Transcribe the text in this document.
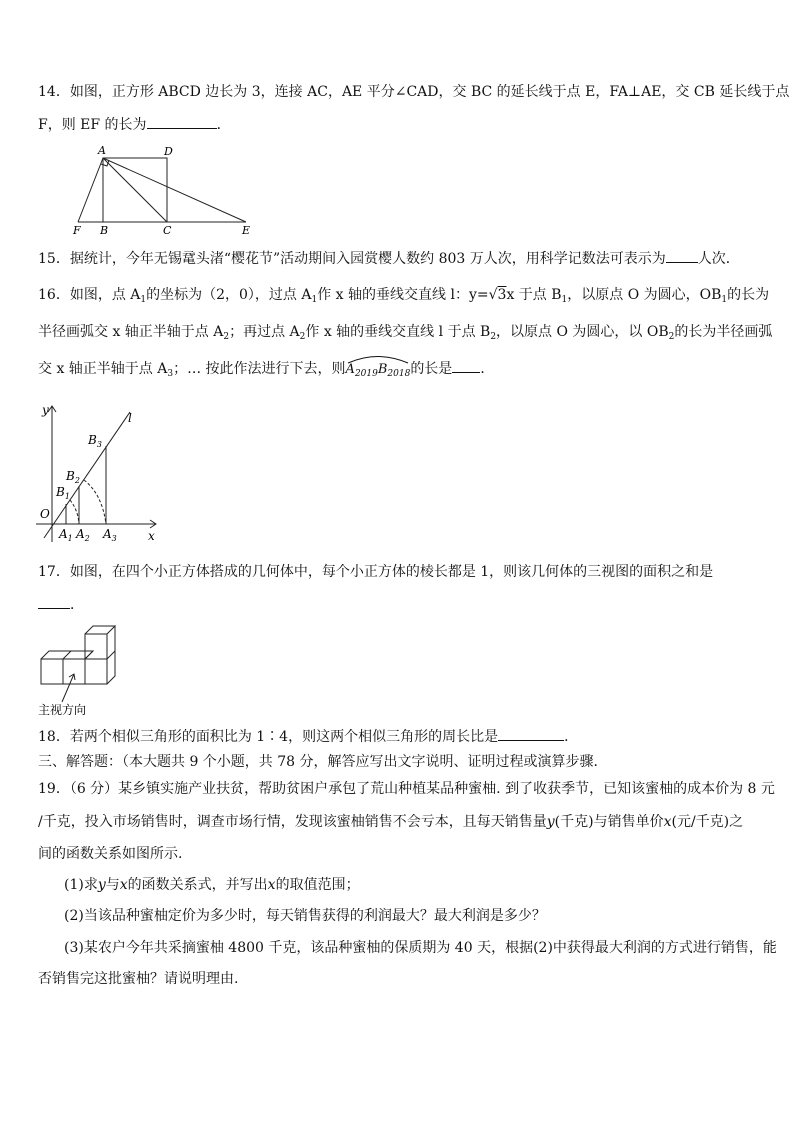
14．如图，正方形 ABCD 边长为 3，连接 AC，AE 平分∠CAD，交 BC 的延长线于点 E，FA⊥AE，交 CB 延长线于点
F，则 EF 的长为	．
A	D
B	C	E
F
15．据统计，今年无锡鼋头渚“樱花节”活动期间入园赏樱人数约 803 万人次，用科学记数法可表示为 人次．
16．如图，点 $A_1$的坐标为（2，0），过点 $A_1$作 x 轴的垂线交直线 l：y=√3x 于点 $B_1$，以原点 O 为圆心，$OB_1$的长为
半径画弧交 x 轴正半轴于点 $A_2$；再过点 $A_2$作 x 轴的垂线交直线 l 于点 $B_2$，以原点 O 为圆心，以 $OB_2$的长为半径画弧
交 x 轴正半轴于点 $A_3$；… 按此作法进行下去，则$A_{2019}B_{2018}$
的长是 ．
y
x
l
O
$B_3$
$B_2$
$B_1$
$A_1$ $A_2$ $A_3$
17．如图，在四个小正方体搭成的几何体中，每个小正方体的棱长都是 1，则该几何体的三视图的面积之和是
．
主视方向
18．若两个相似三角形的面积比为 1∶4，则这两个相似三角形的周长比是	．
三、解答题：（本大题共 9 个小题，共 78 分，解答应写出文字说明、证明过程或演算步骤．
19．（6 分）某乡镇实施产业扶贫，帮助贫困户承包了荒山种植某品种蜜柚. 到了收获季节，已知该蜜柚的成本价为 8 元
/千克，投入市场销售时，调查市场行情，发现该蜜柚销售不会亏本，且每天销售量y(千克)与销售单价x(元/千克)之
间的函数关系如图所示.
(1)求y与x的函数关系式，并写出x的取值范围；
(2)当该品种蜜柚定价为多少时，每天销售获得的利润最大？最大利润是多少？
(3)某农户今年共采摘蜜柚 4800 千克，该品种蜜柚的保质期为 40 天，根据(2)中获得最大利润的方式进行销售，能
否销售完这批蜜柚？请说明理由.
